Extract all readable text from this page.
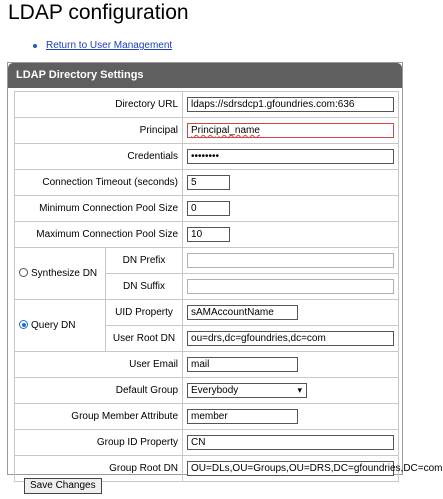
LDAP configuration
Return to User Management
LDAP Directory Settings
Directory URL		ldaps://sdrsdcp1.gfoundries.com:636
Principal		Principal_name
Credentials		••••••••
Connection Timeout (seconds)		5
Minimum Connection Pool Size		0
Maximum Connection Pool Size		10
Synthesize DN	DN Prefix	
	DN Suffix	
Query DN	UID Property	sAMAccountName
	User Root DN	ou=drs,dc=gfoundries,dc=com
User Email		mail
Default Group		Everybody ▾

Group Member Attribute		member
Group ID Property		CN
Group Root DN		OU=DLs,OU=Groups,OU=DRS,DC=gfoundries,DC=com
Save Changes
